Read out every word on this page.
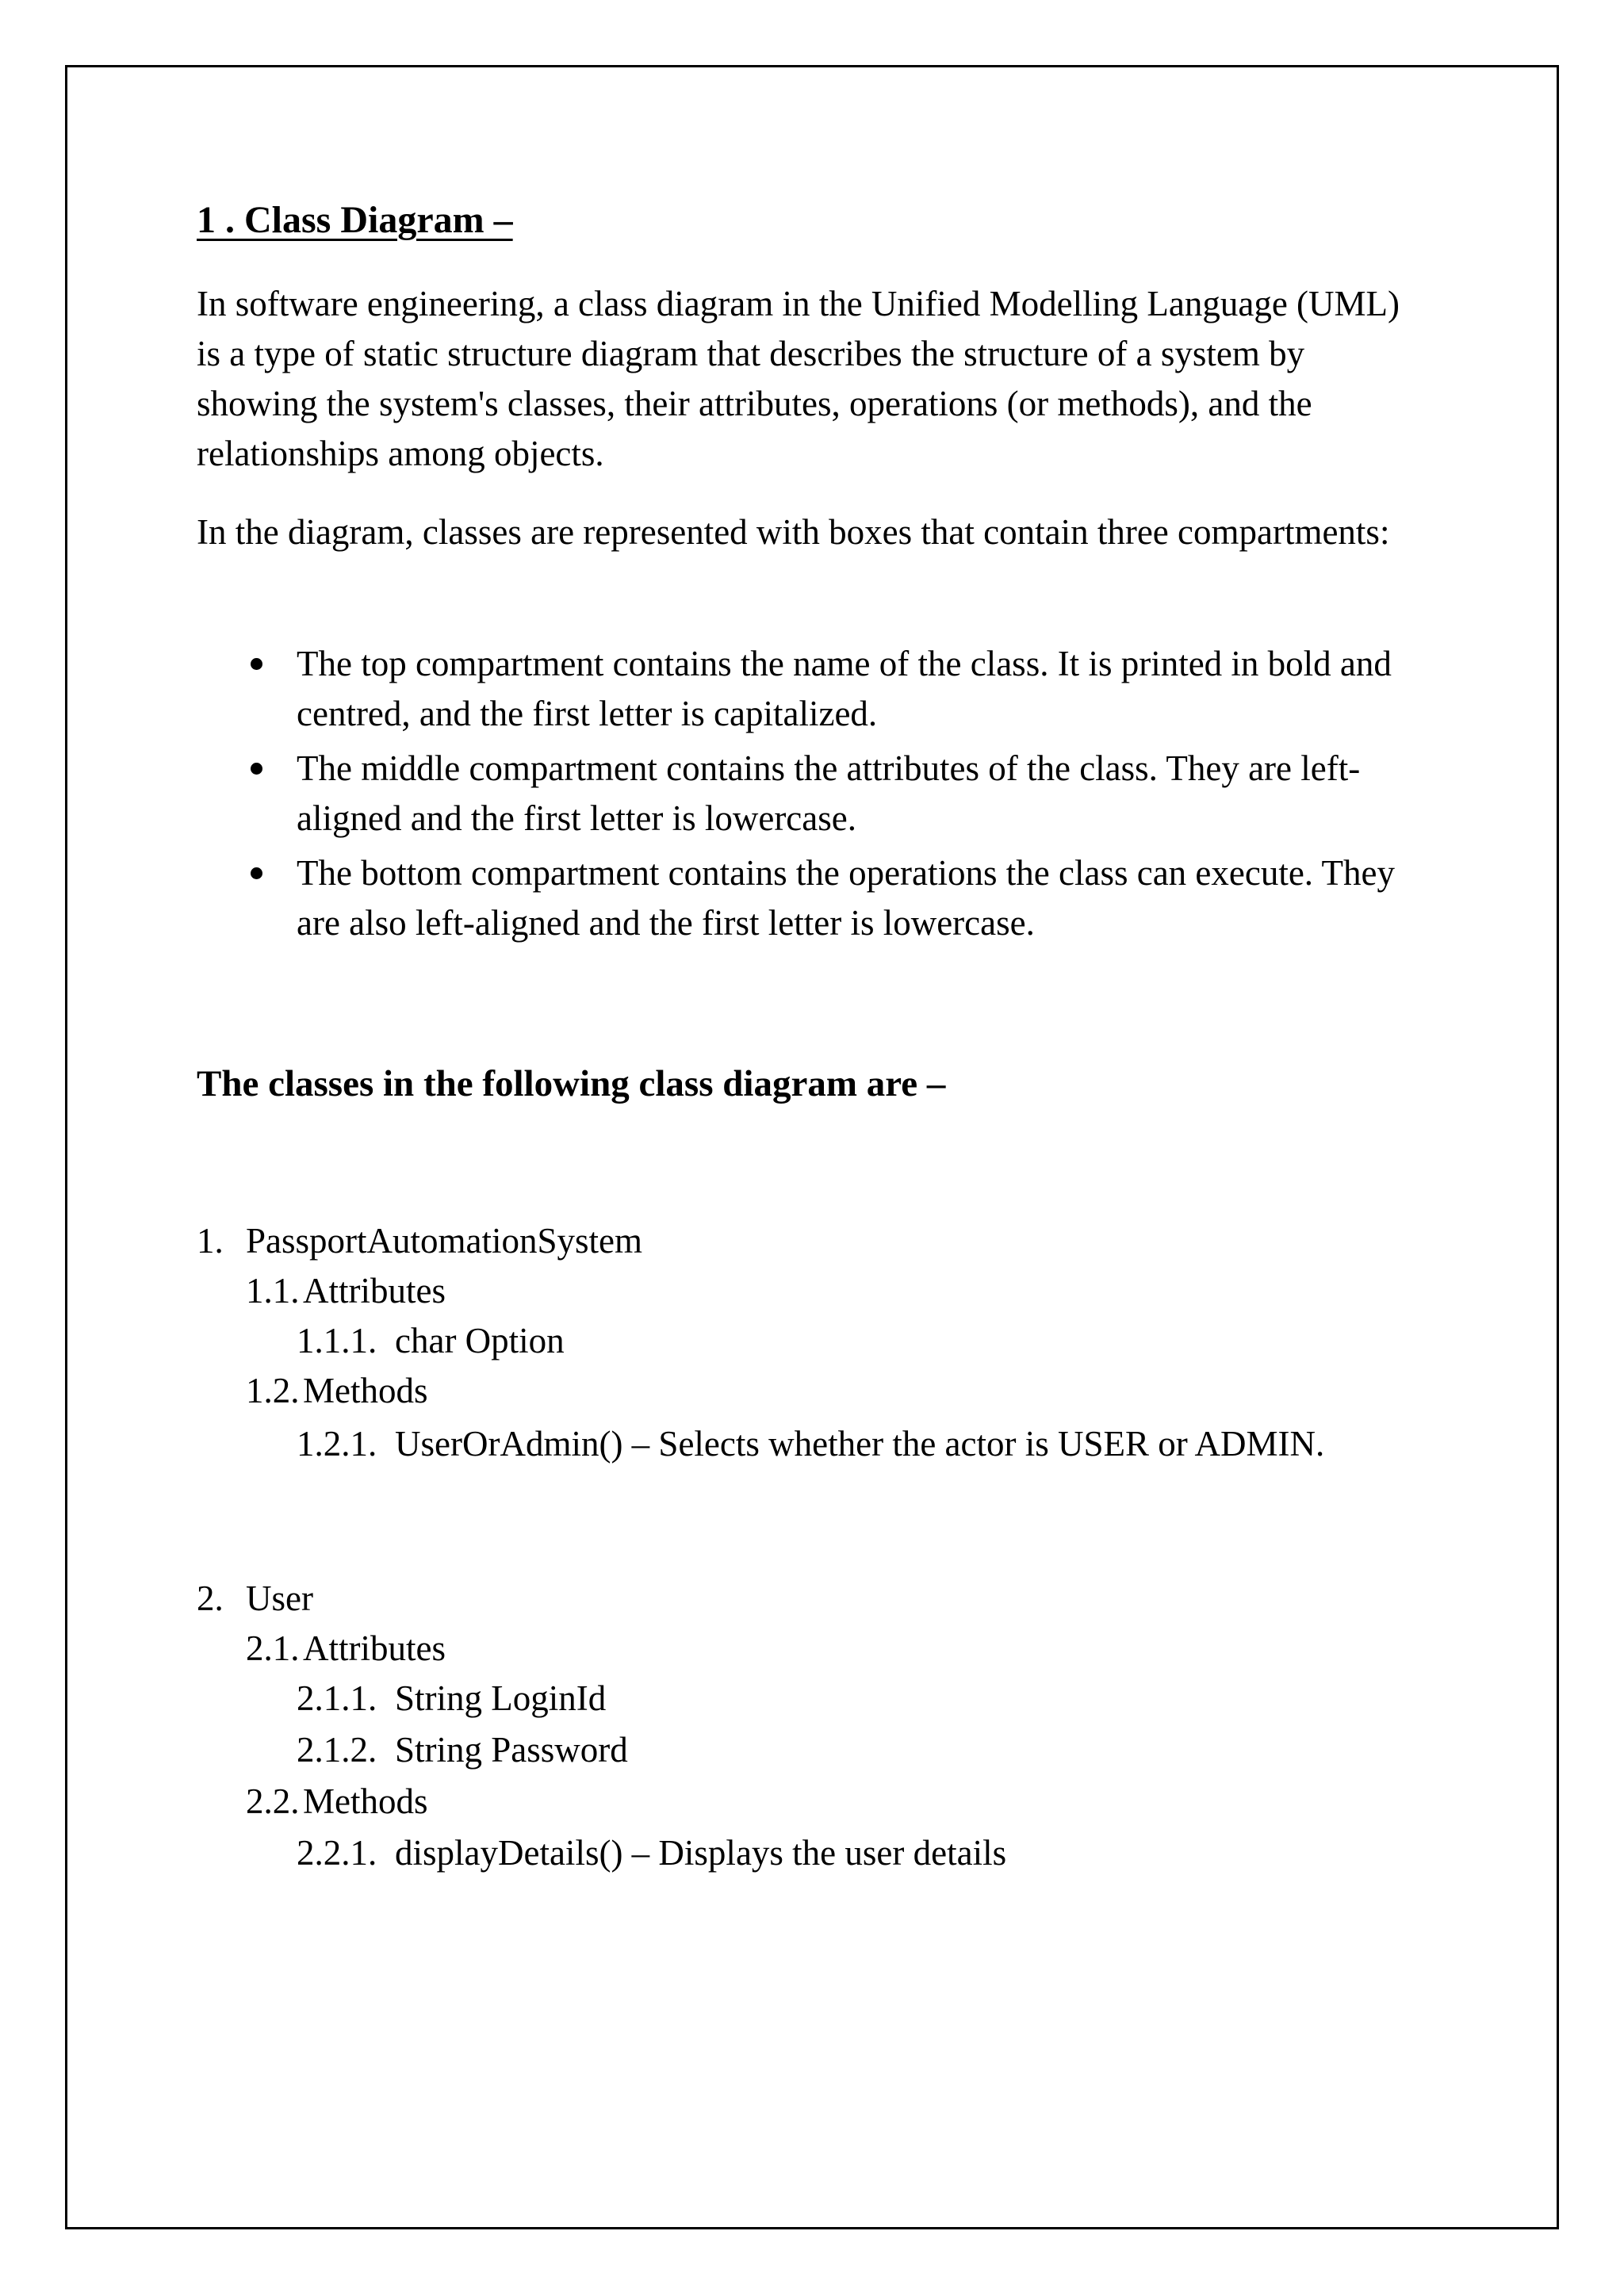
1 . Class Diagram –

In software engineering, a class diagram in the Unified Modelling Language (UML) is a type of static structure diagram that describes the structure of a system by showing the system's classes, their attributes, operations (or methods), and the relationships among objects.

In the diagram, classes are represented with boxes that contain three compartments:

The top compartment contains the name of the class. It is printed in bold and centred, and the first letter is capitalized.
The middle compartment contains the attributes of the class. They are left-aligned and the first letter is lowercase.
The bottom compartment contains the operations the class can execute. They are also left-aligned and the first letter is lowercase.
The classes in the following class diagram are –
1. PassportAutomationSystem
1.1. Attributes
1.1.1. char Option
1.2. Methods
1.2.1. UserOrAdmin() – Selects whether the actor is USER or ADMIN.
2. User
2.1. Attributes
2.1.1. String LoginId
2.1.2. String Password
2.2. Methods
2.2.1. displayDetails() – Displays the user details
